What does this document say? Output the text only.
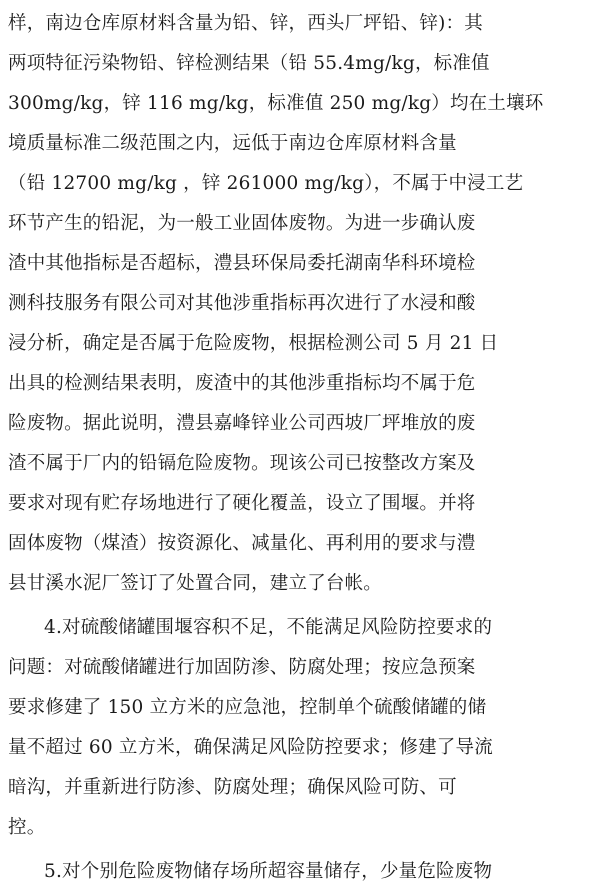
样，南边仓库原材料含量为铅、锌，西头厂坪铅、锌)：其
两项特征污染物铅、锌检测结果（铅 55.4mg/kg，标准值
300mg/kg，锌 116 mg/kg，标准值 250 mg/kg）均在土壤环
境质量标准二级范围之内，远低于南边仓库原材料含量
（铅 12700 mg/kg ，锌 261000 mg/kg），不属于中浸工艺
环节产生的铅泥，为一般工业固体废物。为进一步确认废
渣中其他指标是否超标，澧县环保局委托湖南华科环境检
测科技服务有限公司对其他涉重指标再次进行了水浸和酸
浸分析，确定是否属于危险废物，根据检测公司 5 月 21 日
出具的检测结果表明，废渣中的其他涉重指标均不属于危
险废物。据此说明，澧县嘉峰锌业公司西坡厂坪堆放的废
渣不属于厂内的铅镉危险废物。现该公司已按整改方案及
要求对现有贮存场地进行了硬化覆盖，设立了围堰。并将
固体废物（煤渣）按资源化、减量化、再利用的要求与澧
县甘溪水泥厂签订了处置合同，建立了台帐。
4.对硫酸储罐围堰容积不足，不能满足风险防控要求的
问题：对硫酸储罐进行加固防渗、防腐处理；按应急预案
要求修建了 150 立方米的应急池，控制单个硫酸储罐的储
量不超过 60 立方米，确保满足风险防控要求；修建了导流
暗沟，并重新进行防渗、防腐处理；确保风险可防、可
控。
5.对个别危险废物储存场所超容量储存，少量危险废物
